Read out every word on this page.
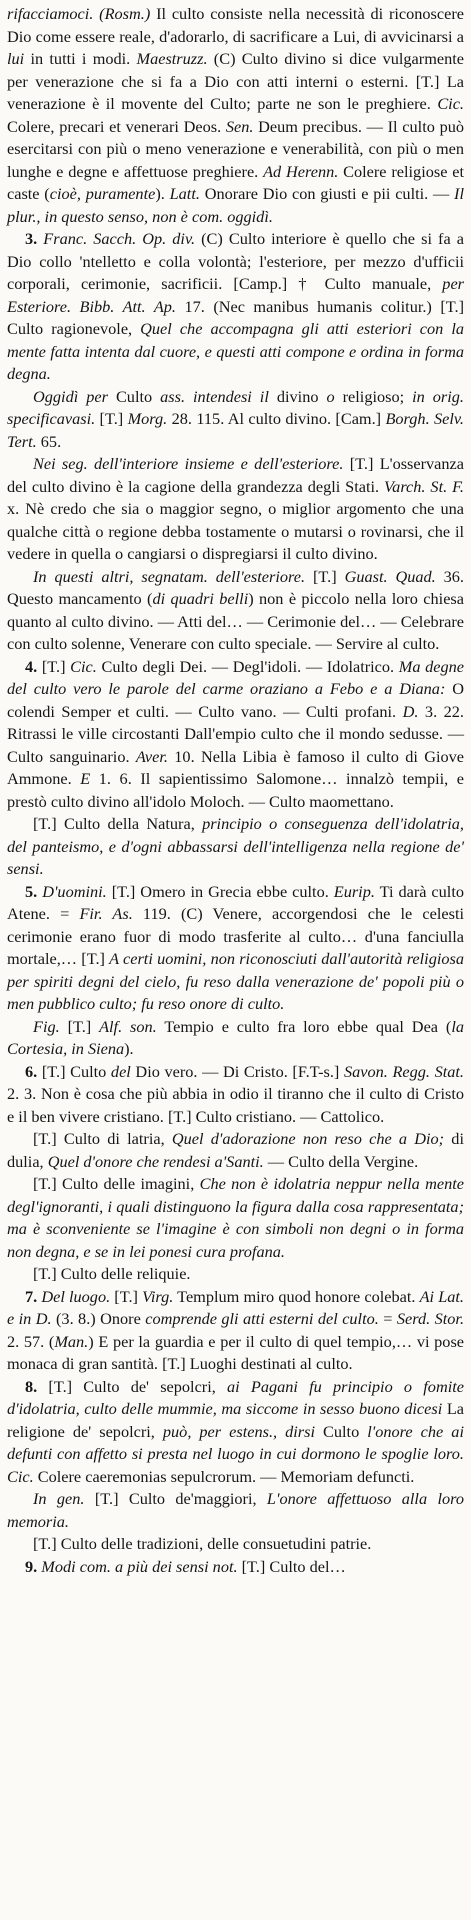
rifacciamoci. (Rosm.) Il culto consiste nella necessità di riconoscere Dio come essere reale, d'adorarlo, di sacrificare a Lui, di avvicinarsi a lui in tutti i modi. Maestruzz. (C) Culto divino si dice vulgarmente per venerazione che si fa a Dio con atti interni o esterni. [T.] La venerazione è il movente del Culto; parte ne son le preghiere. Cic. Colere, precari et venerari Deos. Sen. Deum precibus. — Il culto può esercitarsi con più o meno venerazione e venerabilità, con più o men lunghe e degne e affettuose preghiere. Ad Herenn. Colere religiose et caste (cioè, puramente). Latt. Onorare Dio con giusti e pii culti. — Il plur., in questo senso, non è com. oggidì.

3. Franc. Sacch. Op. div. (C) Culto interiore è quello che si fa a Dio collo 'ntelletto e colla volontà; l'esteriore, per mezzo d'ufficii corporali, cerimonie, sacrificii. [Camp.] † Culto manuale, per Esteriore. Bibb. Att. Ap. 17. (Nec manibus humanis colitur.) [T.] Culto ragionevole, Quel che accompagna gli atti esteriori con la mente fatta intenta dal cuore, e questi atti compone e ordina in forma degna.

Oggidì per Culto ass. intendesi il divino o religioso; in orig. specificavasi. [T.] Morg. 28. 115. Al culto divino. [Cam.] Borgh. Selv. Tert. 65.

Nei seg. dell'interiore insieme e dell'esteriore. [T.] L'osservanza del culto divino è la cagione della grandezza degli Stati. Varch. St. F. x. Nè credo che sia o maggior segno, o miglior argomento che una qualche città o regione debba tostamente o mutarsi o rovinarsi, che il vedere in quella o cangiarsi o dispregiarsi il culto divino.

In questi altri, segnatam. dell'esteriore. [T.] Guast. Quad. 36. Questo mancamento (di quadri belli) non è piccolo nella loro chiesa quanto al culto divino. — Atti del… — Cerimonie del… — Celebrare con culto solenne, Venerare con culto speciale. — Servire al culto.

4. [T.] Cic. Culto degli Dei. — Degl'idoli. — Idolatrico. Ma degne del culto vero le parole del carme oraziano a Febo e a Diana: O colendi Semper et culti. — Culto vano. — Culti profani. D. 3. 22. Ritrassi le ville circostanti Dall'empio culto che il mondo sedusse. — Culto sanguinario. Aver. 10. Nella Libia è famoso il culto di Giove Ammone. E 1. 6. Il sapientissimo Salomone… innalzò tempii, e prestò culto divino all'idolo Moloch. — Culto maomettano.

[T.] Culto della Natura, principio o conseguenza dell'idolatria, del panteismo, e d'ogni abbassarsi dell'intelligenza nella regione de' sensi.

5. D'uomini. [T.] Omero in Grecia ebbe culto. Eurip. Ti darà culto Atene. = Fir. As. 119. (C) Venere, accorgendosi che le celesti cerimonie erano fuor di modo trasferite al culto… d'una fanciulla mortale,… [T.] A certi uomini, non riconosciuti dall'autorità religiosa per spiriti degni del cielo, fu reso dalla venerazione de' popoli più o men pubblico culto; fu reso onore di culto.

Fig. [T.] Alf. son. Tempio e culto fra loro ebbe qual Dea (la Cortesia, in Siena).

6. [T.] Culto del Dio vero. — Di Cristo. [F.T-s.] Savon. Regg. Stat. 2. 3. Non è cosa che più abbia in odio il tiranno che il culto di Cristo e il ben vivere cristiano. [T.] Culto cristiano. — Cattolico.

[T.] Culto di latria, Quel d'adorazione non reso che a Dio; di dulia, Quel d'onore che rendesi a'Santi. — Culto della Vergine.

[T.] Culto delle imagini, Che non è idolatria neppur nella mente degl'ignoranti, i quali distinguono la figura dalla cosa rappresentata; ma è sconveniente se l'imagine è con simboli non degni o in forma non degna, e se in lei ponesi cura profana.

[T.] Culto delle reliquie.

7. Del luogo. [T.] Virg. Templum miro quod honore colebat. Ai Lat. e in D. (3. 8.) Onore comprende gli atti esterni del culto. = Serd. Stor. 2. 57. (Man.) E per la guardia e per il culto di quel tempio,… vi pose monaca di gran santità. [T.] Luoghi destinati al culto.

8. [T.] Culto de' sepolcri, ai Pagani fu principio o fomite d'idolatria, culto delle mummie, ma siccome in sesso buono dicesi La religione de' sepolcri, può, per estens., dirsi Culto l'onore che ai defunti con affetto si presta nel luogo in cui dormono le spoglie loro. Cic. Colere caeremonias sepulcrorum. — Memoriam defuncti.

In gen. [T.] Culto de'maggiori, L'onore affettuoso alla loro memoria.

[T.] Culto delle tradizioni, delle consuetudini patrie.

9. Modi com. a più dei sensi not. [T.] Culto del…
